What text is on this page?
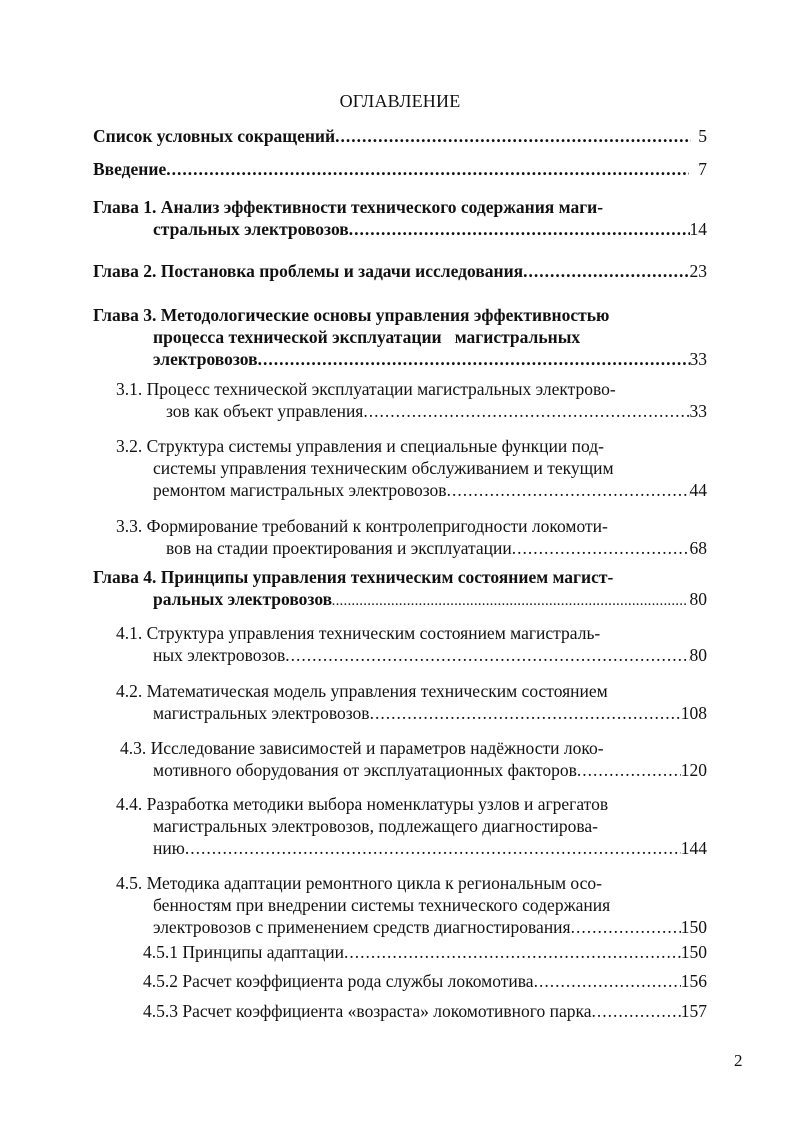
ОГЛАВЛЕНИЕ
Список условных сокращений .....	5
Введение .....	7
Глава 1. Анализ эффективности технического содержания маги-
стральных электровозов .....	14
Глава 2. Постановка проблемы и задачи исследования .....	23
Глава 3. Методологические основы управления эффективностью
процесса технической эксплуатации   магистральных
электровозов .....	33
3.1. Процесс технической эксплуатации магистральных электрово-
зов как объект управления .....	33
3.2. Структура системы управления и специальные функции под-
системы управления техническим обслуживанием и текущим
ремонтом магистральных электровозов .....	44
3.3. Формирование требований к контролепригодности локомоти-
вов на стадии проектирования и эксплуатации .....	68
Глава 4. Принципы управления техническим состоянием магист-
ральных электровозов .....	80
4.1. Структура управления техническим состоянием магистраль-
ных электровозов .....	80
4.2. Математическая модель управления техническим состоянием
магистральных электровозов .....	108
4.3. Исследование зависимостей и параметров надёжности локо-
мотивного оборудования от эксплуатационных факторов .....	120
4.4. Разработка методики выбора номенклатуры узлов и агрегатов
магистральных электровозов, подлежащего диагностирова-
нию .....	144
4.5. Методика адаптации ремонтного цикла к региональным осо-
бенностям при внедрении системы технического содержания
электровозов с применением средств диагностирования .....	150
4.5.1 Принципы адаптации .....	150
4.5.2 Расчет коэффициента рода службы локомотива .....	156
4.5.3 Расчет коэффициента «возраста» локомотивного парка .....	157
2
